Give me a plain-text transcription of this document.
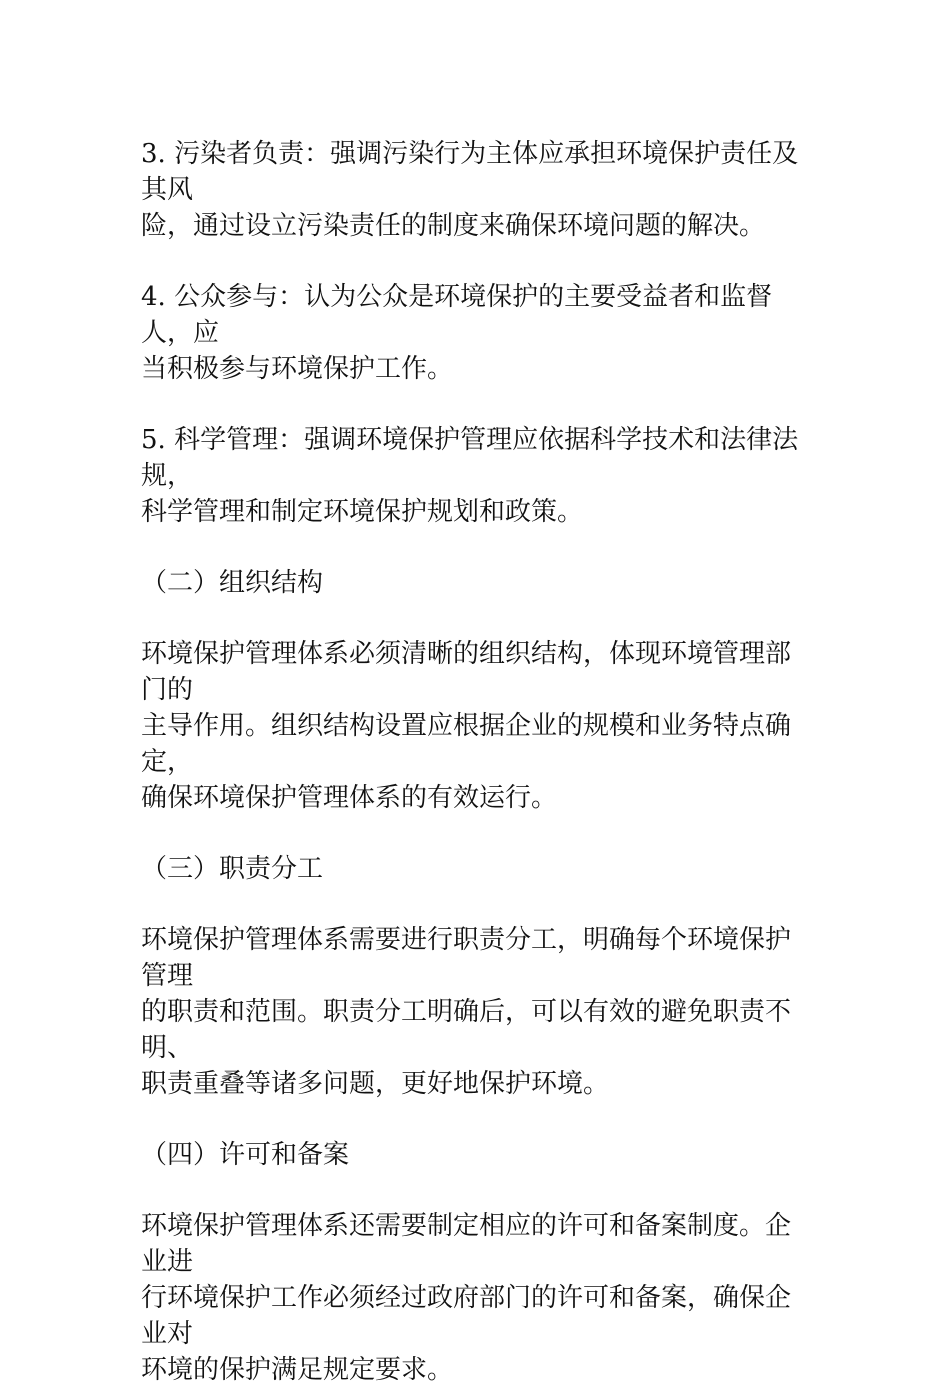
3. 污染者负责：强调污染行为主体应承担环境保护责任及其风
险，通过设立污染责任的制度来确保环境问题的解决。

4. 公众参与：认为公众是环境保护的主要受益者和监督人，应
当积极参与环境保护工作。

5. 科学管理：强调环境保护管理应依据科学技术和法律法规，
科学管理和制定环境保护规划和政策。

（二）组织结构

环境保护管理体系必须清晰的组织结构，体现环境管理部门的
主导作用。组织结构设置应根据企业的规模和业务特点确定，
确保环境保护管理体系的有效运行。

（三）职责分工

环境保护管理体系需要进行职责分工，明确每个环境保护管理
的职责和范围。职责分工明确后，可以有效的避免职责不明、
职责重叠等诸多问题，更好地保护环境。

（四）许可和备案

环境保护管理体系还需要制定相应的许可和备案制度。企业进
行环境保护工作必须经过政府部门的许可和备案，确保企业对
环境的保护满足规定要求。
